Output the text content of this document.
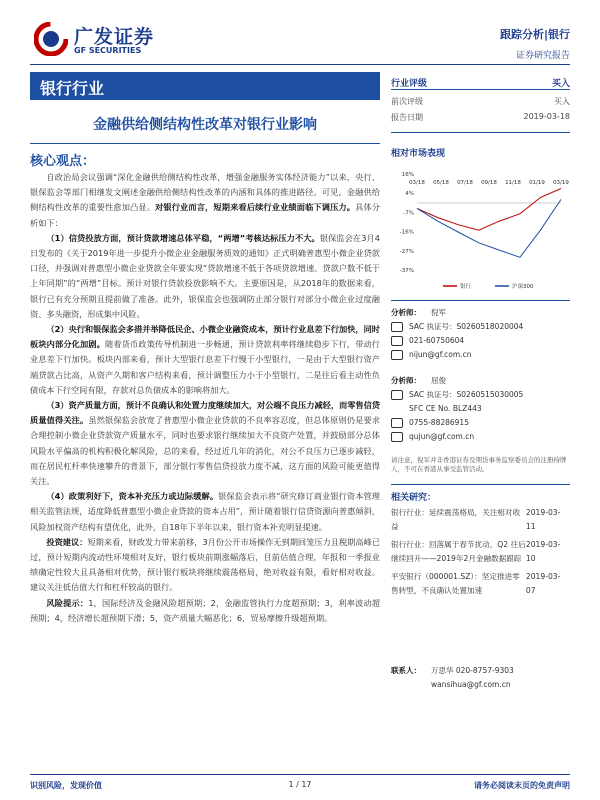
广发证券
GF SECURITIES
跟踪分析|银行
证券研究报告
银行行业
金融供给侧结构性改革对银行业影响
核心观点：

自政治局会议强调“深化金融供给侧结构性改革，增强金融服务实体经济能力”以来，央行、银保监会等部门相继发文阐述金融供给侧结构性改革的内涵和具体的推进路径。可见，金融供给侧结构性改革的重要性愈加凸显。对银行业而言，短期来看后续行业业绩面临下调压力。具体分析如下：

（1）信贷投放方面，预计贷款增速总体平稳，“两增”考核达标压力不大。银保监会在3月4日发布的《关于2019年进一步提升小微企业金融服务质效的通知》正式明确普惠型小微企业贷款口径，并强调对普惠型小微企业贷款全年要实现“贷款增速不低于各项贷款增速、贷款户数不低于上年同期”的“两增”目标。预计对银行贷款投放影响不大。主要原因是，从2018年的数据来看，银行已有充分预期且提前做了准备。此外，银保监会也强调防止部分银行对部分小微企业过度融资、多头融资，形成集中风险。

（2）央行和银保监会多措并举降低民企、小微企业融资成本，预计行业息差下行加快，同时板块内部分化加剧。随着货币政策传导机制进一步畅通，预计贷款利率将继续稳步下行，带动行业息差下行加快。板块内部来看，预计大型银行息差下行慢于小型银行，一是由于大型银行资产端贷款占比高，从资产久期和客户结构来看，预计调整压力小于小型银行，二是往后看主动性负债成本下行空间有限，存款对总负债成本的影响将加大。

（3）资产质量方面，预计不良确认和处置力度继续加大，对公端不良压力减轻，而零售信贷质量值得关注。虽然银保监会放宽了普惠型小微企业贷款的不良率容忍度，但总体原则仍是要求合理控制小微企业贷款资产质量水平，同时也要求银行继续加大不良资产处置，并鼓励部分总体风险水平偏高的机构积极化解风险，总的来看，经过近几年的消化，对公不良压力已逐步减轻，而在居民杠杆率快速攀升的背景下，部分银行零售信贷投放力度不减，这方面的风险可能更值得关注。

（4）政策利好下，资本补充压力或边际缓解。银保监会表示将“研究修订商业银行资本管理相关监管法规，适度降低普惠型小微企业贷款的资本占用”，预计随着银行信贷资源向普惠倾斜，风险加权资产结构有望优化，此外，自18年下半年以来，银行资本补充明显提速。

投资建议：短期来看，财政发力带来前移，3月份公开市场操作无到期回笼压力且税期高峰已过，预计短期内流动性环境相对友好，银行板块前期涨幅落后，目前估值合理，年报和一季报业绩确定性较大且具备相对优势，预计银行板块将继续震荡格局，绝对收益有限，看好相对收益。建议关注低估值大行和杠杆较高的银行。

风险提示：1，国际经济及金融风险超预期；2，金融监管执行力度超预期；3，利率波动超预期；4，经济增长超预期下滑；5，资产质量大幅恶化；6，贸易摩擦升级超预期。

行业评级	买入
前次评级	买入
报告日期	2019-03-18
相对市场表现
16%
4%
-7%
-16%
-27%
-37%
03/18 05/18 07/18 09/18 11/18 01/19 03/19
银行	沪深300
分析师：	倪军
SAC 执证号：S0260518020004
021-60750604
nijun@gf.com.cn
分析师：	屈俊
SAC 执证号：S0260515030005
SFC CE No. BLZ443
0755-88286915
qujun@gf.com.cn
请注意，倪军并非香港证券及期货事务监察委员会的注册持牌人，不可在香港从事受监管活动。
相关研究：
银行行业：延续震荡格局，关注相对收益
2019-03-11
银行行业：回落属于春节扰动，Q2 往后继续回升——2019年2月金融数据跟踪
2019-03-10
平安银行（000001.SZ）：坚定推进零售转型，不良确认处置加速
2019-03-07
联系人：	万思华 020-8757-9303
wansihua@gf.com.cn
识别风险，发现价值	1 / 17	请务必阅读末页的免责声明
